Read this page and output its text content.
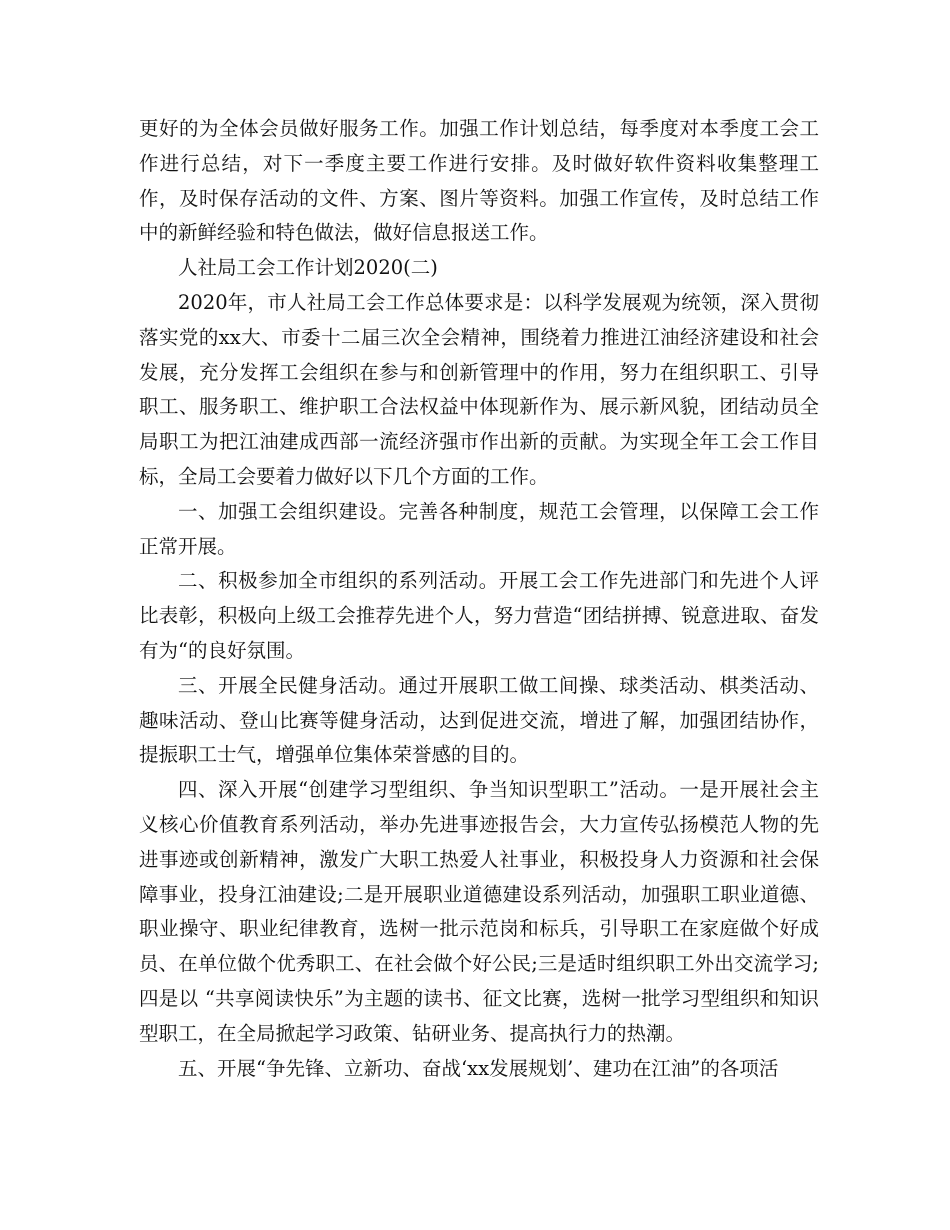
更好的为全体会员做好服务工作。加强工作计划总结，每季度对本季度工会工作进行总结，对下一季度主要工作进行安排。及时做好软件资料收集整理工作，及时保存活动的文件、方案、图片等资料。加强工作宣传，及时总结工作中的新鲜经验和特色做法，做好信息报送工作。

人社局工会工作计划2020(二)

2020年，市人社局工会工作总体要求是：以科学发展观为统领，深入贯彻落实党的xx大、市委十二届三次全会精神，围绕着力推进江油经济建设和社会发展，充分发挥工会组织在参与和创新管理中的作用，努力在组织职工、引导职工、服务职工、维护职工合法权益中体现新作为、展示新风貌，团结动员全局职工为把江油建成西部一流经济强市作出新的贡献。为实现全年工会工作目标，全局工会要着力做好以下几个方面的工作。

一、加强工会组织建设。完善各种制度，规范工会管理，以保障工会工作正常开展。

二、积极参加全市组织的系列活动。开展工会工作先进部门和先进个人评比表彰，积极向上级工会推荐先进个人，努力营造“团结拼搏、锐意进取、奋发有为“的良好氛围。

三、开展全民健身活动。通过开展职工做工间操、球类活动、棋类活动、趣味活动、登山比赛等健身活动，达到促进交流，增进了解，加强团结协作，提振职工士气，增强单位集体荣誉感的目的。

四、深入开展“创建学习型组织、争当知识型职工”活动。一是开展社会主义核心价值教育系列活动，举办先进事迹报告会，大力宣传弘扬模范人物的先进事迹或创新精神，激发广大职工热爱人社事业，积极投身人力资源和社会保障事业，投身江油建设;二是开展职业道德建设系列活动，加强职工职业道德、职业操守、职业纪律教育，选树一批示范岗和标兵，引导职工在家庭做个好成员、在单位做个优秀职工、在社会做个好公民;三是适时组织职工外出交流学习;四是以 “共享阅读快乐”为主题的读书、征文比赛，选树一批学习型组织和知识型职工，在全局掀起学习政策、钻研业务、提高执行力的热潮。

五、开展“争先锋、立新功、奋战‘xx发展规划’、建功在江油”的各项活
